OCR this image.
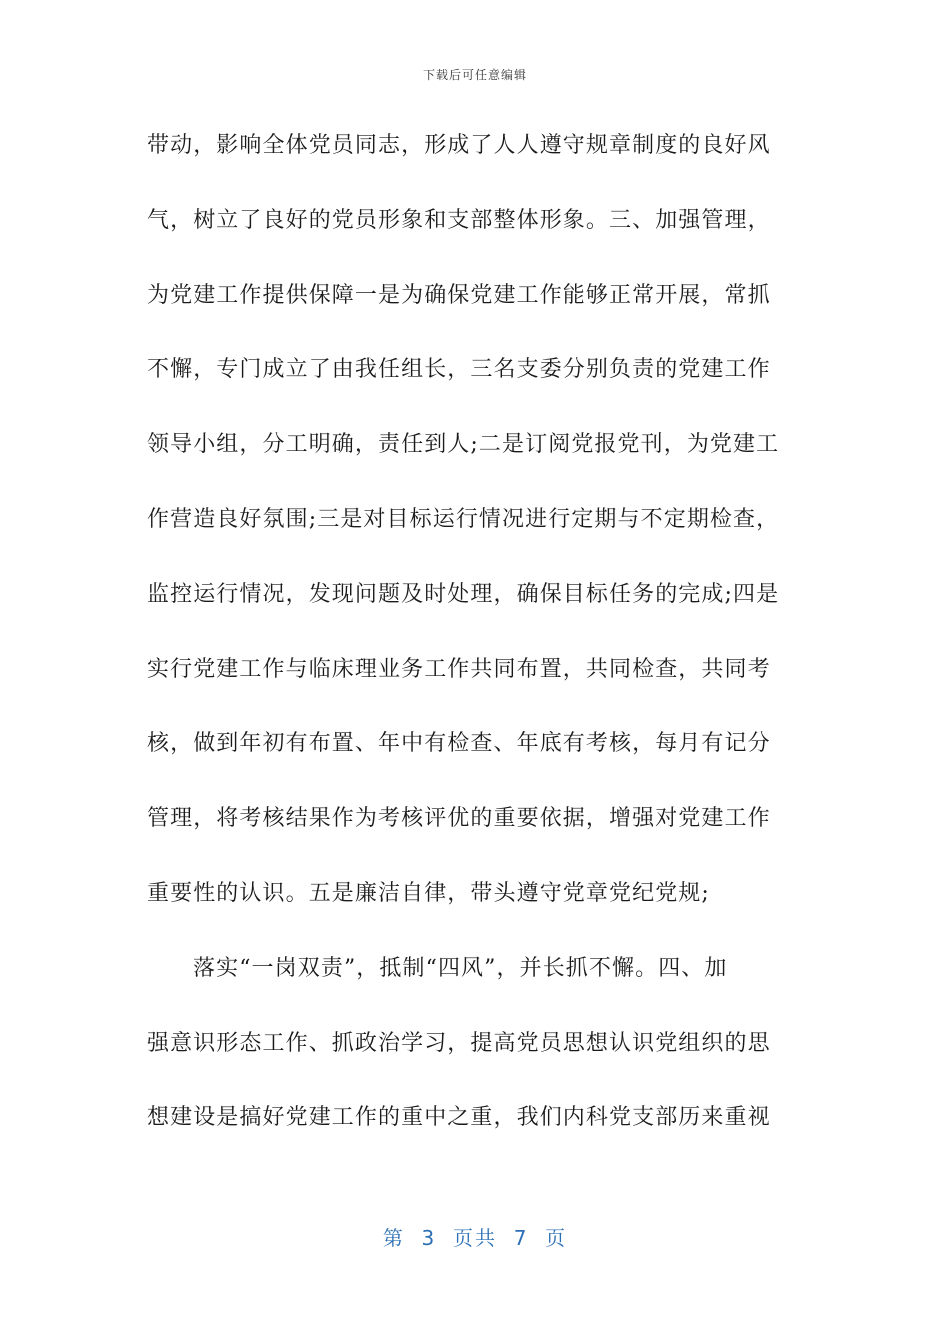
下载后可任意编辑
带动，影响全体党员同志，形成了人人遵守规章制度的良好风
气，树立了良好的党员形象和支部整体形象。三、加强管理，
为党建工作提供保障一是为确保党建工作能够正常开展，常抓
不懈，专门成立了由我任组长，三名支委分别负责的党建工作
领导小组，分工明确，责任到人;二是订阅党报党刊，为党建工
作营造良好氛围;三是对目标运行情况进行定期与不定期检查，
监控运行情况，发现问题及时处理，确保目标任务的完成;四是
实行党建工作与临床理业务工作共同布置，共同检查，共同考
核，做到年初有布置、年中有检查、年底有考核，每月有记分
管理，将考核结果作为考核评优的重要依据，增强对党建工作
重要性的认识。五是廉洁自律，带头遵守党章党纪党规;
落实“一岗双责”，抵制“四风”，并长抓不懈。四、加
强意识形态工作、抓政治学习，提高党员思想认识党组织的思
想建设是搞好党建工作的重中之重，我们内科党支部历来重视
第  3  页共  7  页
